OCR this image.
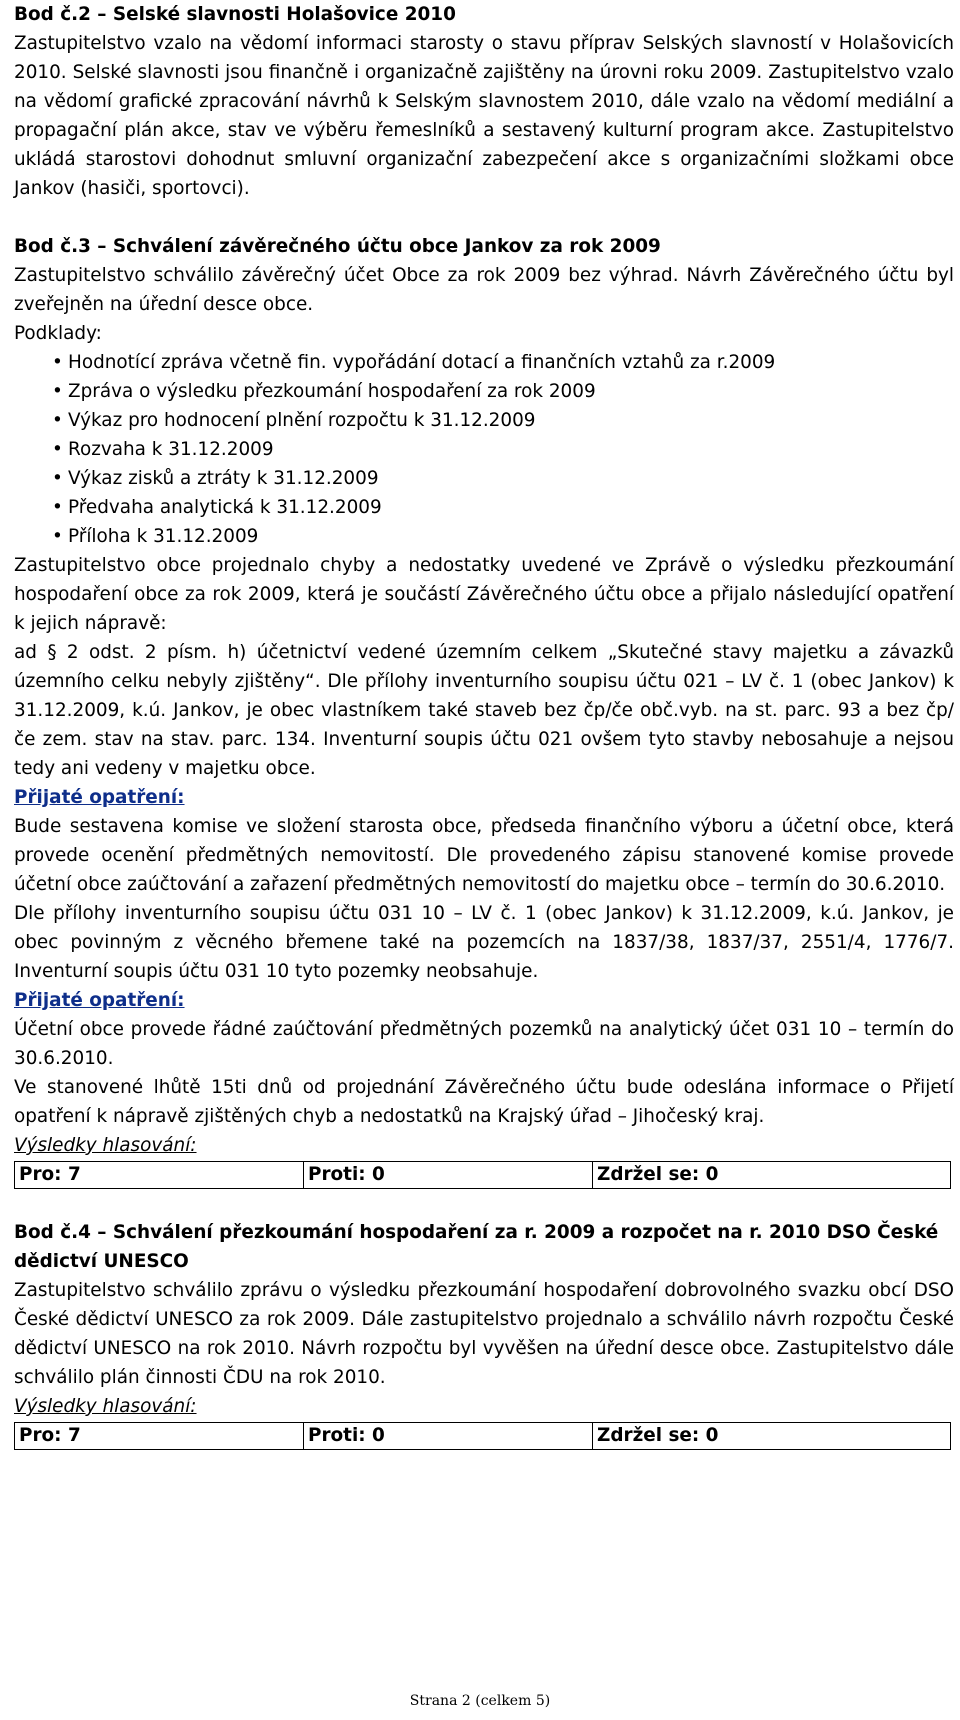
Bod č.2 – Selské slavnosti Holašovice 2010

Zastupitelstvo vzalo na vědomí informaci starosty o stavu příprav Selských slavností v Holašovicích 2010. Selské slavnosti jsou finančně i organizačně zajištěny na úrovni roku 2009. Zastupitelstvo vzalo na vědomí grafické zpracování návrhů k Selským slavnostem 2010, dále vzalo na vědomí mediální a propagační plán akce, stav ve výběru řemeslníků a sestavený kulturní program akce. Zastupitelstvo ukládá starostovi dohodnut smluvní organizační zabezpečení akce s organizačními složkami obce Jankov (hasiči, sportovci).

Bod č.3 – Schválení závěrečného účtu obce Jankov za rok 2009

Zastupitelstvo schválilo závěrečný účet Obce za rok 2009 bez výhrad. Návrh Závěrečného účtu byl zveřejněn na úřední desce obce.

Podklady:

• Hodnotící zpráva včetně fin. vypořádání dotací a finančních vztahů za r.2009
• Zpráva o výsledku přezkoumání hospodaření za rok 2009
• Výkaz pro hodnocení plnění rozpočtu k 31.12.2009
• Rozvaha k 31.12.2009
• Výkaz zisků a ztráty k 31.12.2009
• Předvaha analytická k 31.12.2009
• Příloha k 31.12.2009

Zastupitelstvo obce projednalo chyby a nedostatky uvedené ve Zprávě o výsledku přezkoumání hospodaření obce za rok 2009, která je součástí Závěrečného účtu obce a přijalo následující opatření k jejich nápravě:

ad § 2 odst. 2 písm. h) účetnictví vedené územním celkem „Skutečné stavy majetku a závazků územního celku nebyly zjištěny“. Dle přílohy inventurního soupisu účtu 021 – LV č. 1 (obec Jankov) k 31.12.2009, k.ú. Jankov, je obec vlastníkem také staveb bez čp/če obč.vyb. na st. parc. 93 a bez čp/če zem. stav na stav. parc. 134. Inventurní soupis účtu 021 ovšem tyto stavby nebosahuje a nejsou tedy ani vedeny v majetku obce.

Přijaté opatření:

Bude sestavena komise ve složení starosta obce, předseda finančního výboru a účetní obce, která provede ocenění předmětných nemovitostí. Dle provedeného zápisu stanovené komise provede účetní obce zaúčtování a zařazení předmětných nemovitostí do majetku obce – termín do 30.6.2010.

Dle přílohy inventurního soupisu účtu 031 10 – LV č. 1 (obec Jankov) k 31.12.2009, k.ú. Jankov, je obec povinným z věcného břemene také na pozemcích na 1837/38, 1837/37, 2551/4, 1776/7. Inventurní soupis účtu 031 10 tyto pozemky neobsahuje.

Přijaté opatření:

Účetní obce provede řádné zaúčtování předmětných pozemků na analytický účet 031 10 – termín do 30.6.2010.

Ve stanovené lhůtě 15ti dnů od projednání Závěrečného účtu bude odeslána informace o Přijetí opatření k nápravě zjištěných chyb a nedostatků na Krajský úřad – Jihočeský kraj.

Výsledky hlasování:

Pro: 7	Proti: 0	Zdržel se: 0

Bod č.4 – Schválení přezkoumání hospodaření za r. 2009 a rozpočet na r. 2010 DSO České dědictví UNESCO

Zastupitelstvo schválilo zprávu o výsledku přezkoumání hospodaření dobrovolného svazku obcí DSO České dědictví UNESCO za rok 2009. Dále zastupitelstvo projednalo a schválilo návrh rozpočtu České dědictví UNESCO na rok 2010. Návrh rozpočtu byl vyvěšen na úřední desce obce. Zastupitelstvo dále schválilo plán činnosti ČDU na rok 2010.

Výsledky hlasování:

Pro: 7	Proti: 0	Zdržel se: 0
Strana 2 (celkem 5)
